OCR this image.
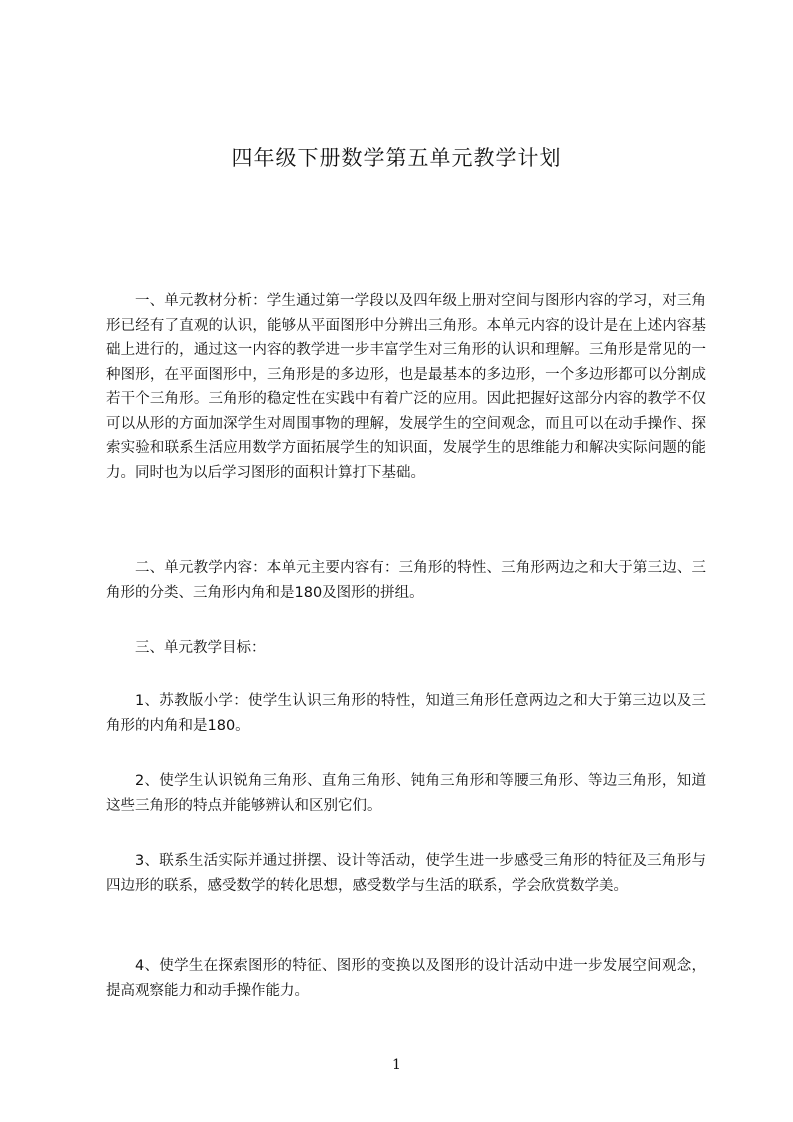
四年级下册数学第五单元教学计划

一、单元教材分析：学生通过第一学段以及四年级上册对空间与图形内容的学习，对三角形已经有了直观的认识，能够从平面图形中分辨出三角形。本单元内容的设计是在上述内容基础上进行的，通过这一内容的教学进一步丰富学生对三角形的认识和理解。三角形是常见的一种图形，在平面图形中，三角形是的多边形，也是最基本的多边形，一个多边形都可以分割成若干个三角形。三角形的稳定性在实践中有着广泛的应用。因此把握好这部分内容的教学不仅可以从形的方面加深学生对周围事物的理解，发展学生的空间观念，而且可以在动手操作、探索实验和联系生活应用数学方面拓展学生的知识面，发展学生的思维能力和解决实际问题的能力。同时也为以后学习图形的面积计算打下基础。

二、单元教学内容：本单元主要内容有：三角形的特性、三角形两边之和大于第三边、三角形的分类、三角形内角和是180及图形的拼组。

三、单元教学目标：

1、苏教版小学：使学生认识三角形的特性，知道三角形任意两边之和大于第三边以及三角形的内角和是180。

2、使学生认识锐角三角形、直角三角形、钝角三角形和等腰三角形、等边三角形，知道这些三角形的特点并能够辨认和区别它们。

3、联系生活实际并通过拼摆、设计等活动，使学生进一步感受三角形的特征及三角形与四边形的联系，感受数学的转化思想，感受数学与生活的联系，学会欣赏数学美。

4、使学生在探索图形的特征、图形的变换以及图形的设计活动中进一步发展空间观念，提高观察能力和动手操作能力。

1
